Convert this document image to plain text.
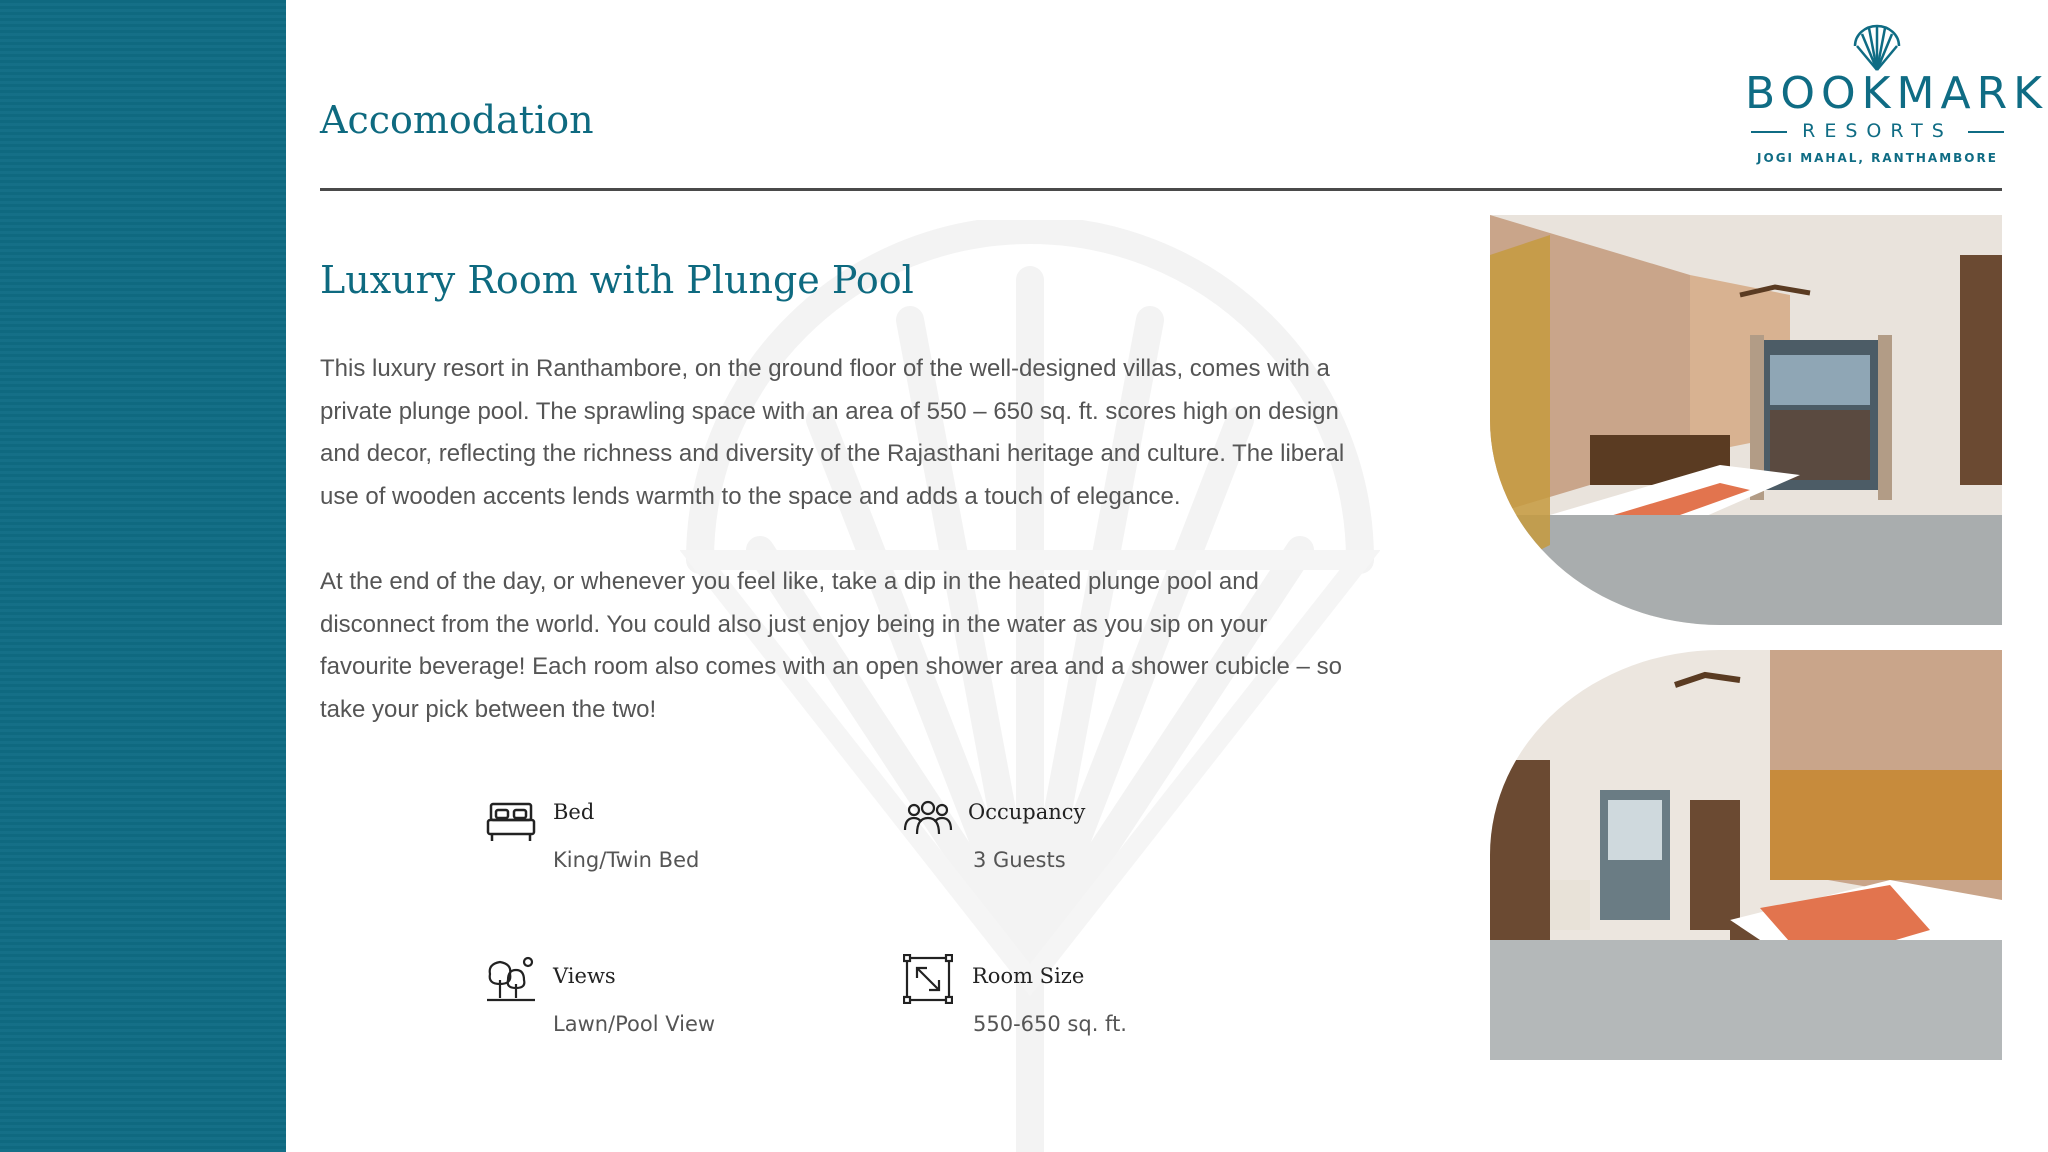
Accomodation
BOOKMARK
RESORTS
JOGI MAHAL, RANTHAMBORE
Luxury Room with Plunge Pool

This luxury resort in Ranthambore, on the ground floor of the well-designed villas, comes with a private plunge pool. The sprawling space with an area of 550 – 650 sq. ft. scores high on design and decor, reflecting the richness and diversity of the Rajasthani heritage and culture. The liberal use of wooden accents lends warmth to the space and adds a touch of elegance.

At the end of the day, or whenever you feel like, take a dip in the heated plunge pool and disconnect from the world. You could also just enjoy being in the water as you sip on your favourite beverage! Each room also comes with an open shower area and a shower cubicle – so take your pick between the two!

Bed
King/Twin Bed
Occupancy
3 Guests
Views
Lawn/Pool View
Room Size
550-650 sq. ft.
